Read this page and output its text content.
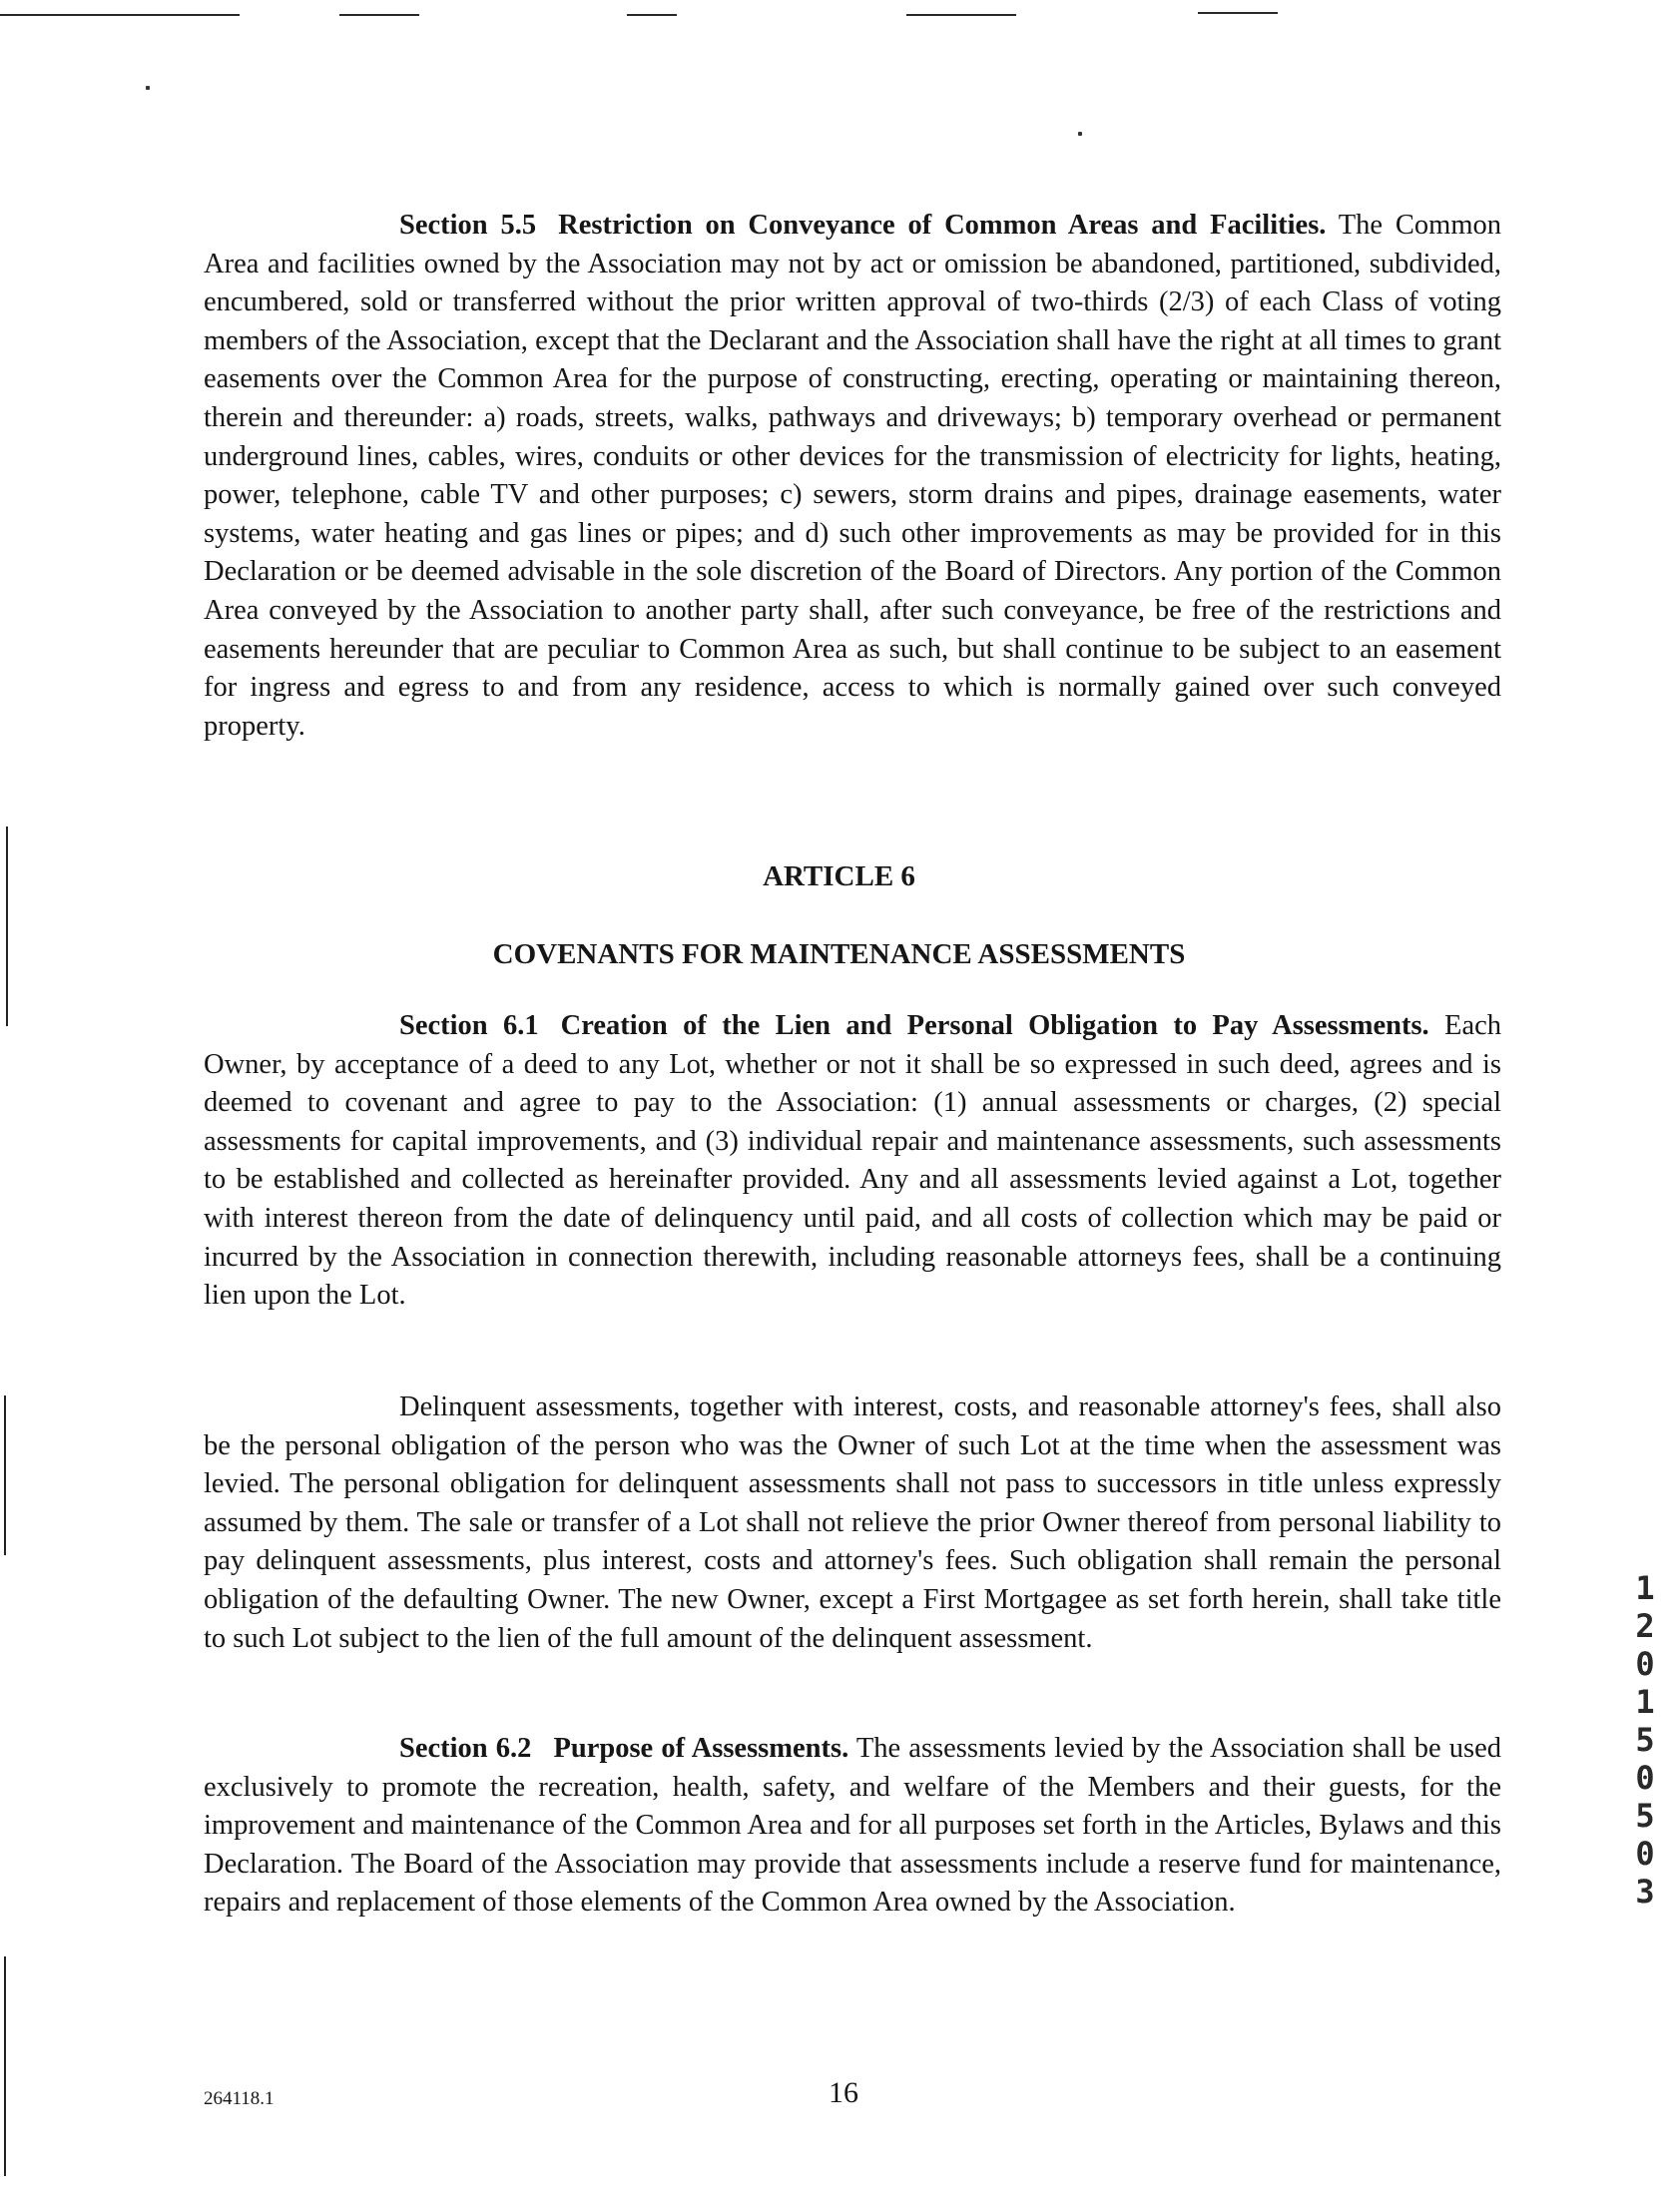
Section 5.5 Restriction on Conveyance of Common Areas and Facilities. The Common Area and facilities owned by the Association may not by act or omission be abandoned, partitioned, subdivided, encumbered, sold or transferred without the prior written approval of two-thirds (2/3) of each Class of voting members of the Association, except that the Declarant and the Association shall have the right at all times to grant easements over the Common Area for the purpose of constructing, erecting, operating or maintaining thereon, therein and thereunder: a) roads, streets, walks, pathways and driveways; b) temporary overhead or permanent underground lines, cables, wires, conduits or other devices for the transmission of electricity for lights, heating, power, telephone, cable TV and other purposes; c) sewers, storm drains and pipes, drainage easements, water systems, water heating and gas lines or pipes; and d) such other improvements as may be provided for in this Declaration or be deemed advisable in the sole discretion of the Board of Directors. Any portion of the Common Area conveyed by the Association to another party shall, after such conveyance, be free of the restrictions and easements hereunder that are peculiar to Common Area as such, but shall continue to be subject to an easement for ingress and egress to and from any residence, access to which is normally gained over such conveyed property.

ARTICLE 6

COVENANTS FOR MAINTENANCE ASSESSMENTS

Section 6.1 Creation of the Lien and Personal Obligation to Pay Assessments. Each Owner, by acceptance of a deed to any Lot, whether or not it shall be so expressed in such deed, agrees and is deemed to covenant and agree to pay to the Association: (1) annual assessments or charges, (2) special assessments for capital improvements, and (3) individual repair and maintenance assessments, such assessments to be established and collected as hereinafter provided. Any and all assessments levied against a Lot, together with interest thereon from the date of delinquency until paid, and all costs of collection which may be paid or incurred by the Association in connection therewith, including reasonable attorneys fees, shall be a continuing lien upon the Lot.

Delinquent assessments, together with interest, costs, and reasonable attorney's fees, shall also be the personal obligation of the person who was the Owner of such Lot at the time when the assessment was levied. The personal obligation for delinquent assessments shall not pass to successors in title unless expressly assumed by them. The sale or transfer of a Lot shall not relieve the prior Owner thereof from personal liability to pay delinquent assessments, plus interest, costs and attorney's fees. Such obligation shall remain the personal obligation of the defaulting Owner. The new Owner, except a First Mortgagee as set forth herein, shall take title to such Lot subject to the lien of the full amount of the delinquent assessment.

Section 6.2 Purpose of Assessments. The assessments levied by the Association shall be used exclusively to promote the recreation, health, safety, and welfare of the Members and their guests, for the improvement and maintenance of the Common Area and for all purposes set forth in the Articles, Bylaws and this Declaration. The Board of the Association may provide that assessments include a reserve fund for maintenance, repairs and replacement of those elements of the Common Area owned by the Association.

264118.1	16

12015 0503
